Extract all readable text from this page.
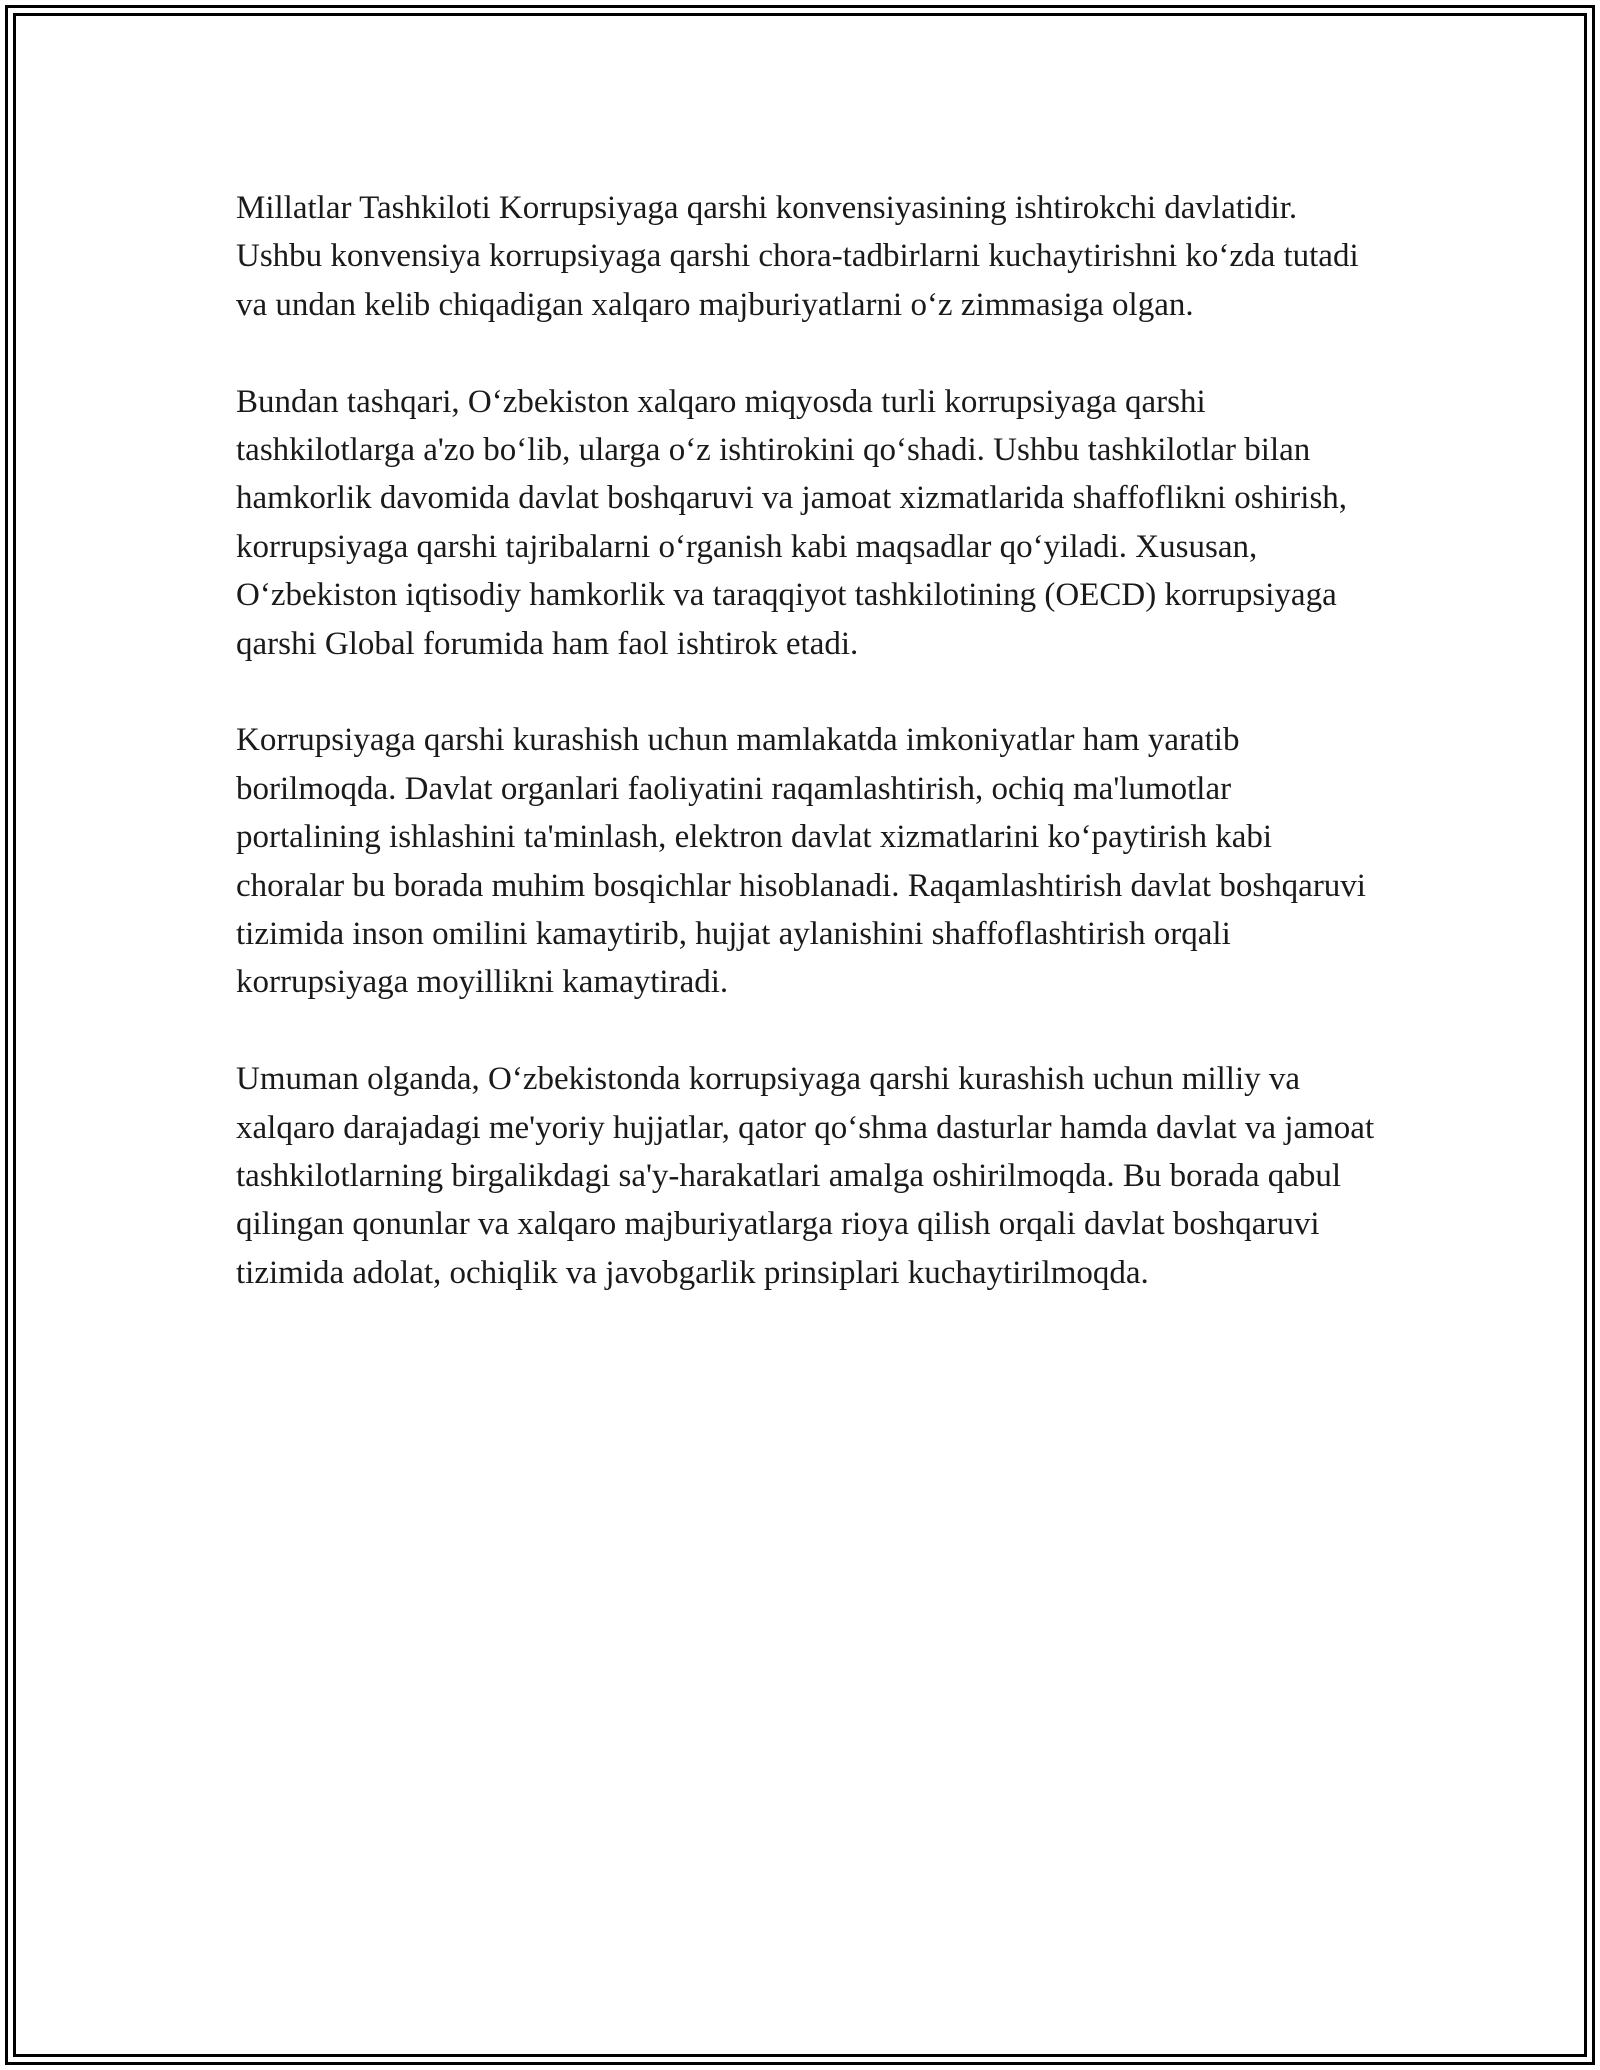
Millatlar Tashkiloti Korrupsiyaga qarshi konvensiyasining ishtirokchi davlatidir. Ushbu konvensiya korrupsiyaga qarshi chora-tadbirlarni kuchaytirishni ko‘zda tutadi va undan kelib chiqadigan xalqaro majburiyatlarni o‘z zimmasiga olgan.

Bundan tashqari, O‘zbekiston xalqaro miqyosda turli korrupsiyaga qarshi tashkilotlarga a'zo bo‘lib, ularga o‘z ishtirokini qo‘shadi. Ushbu tashkilotlar bilan hamkorlik davomida davlat boshqaruvi va jamoat xizmatlarida shaffoflikni oshirish, korrupsiyaga qarshi tajribalarni o‘rganish kabi maqsadlar qo‘yiladi. Xususan, O‘zbekiston iqtisodiy hamkorlik va taraqqiyot tashkilotining (OECD) korrupsiyaga qarshi Global forumida ham faol ishtirok etadi.

Korrupsiyaga qarshi kurashish uchun mamlakatda imkoniyatlar ham yaratib borilmoqda. Davlat organlari faoliyatini raqamlashtirish, ochiq ma'lumotlar portalining ishlashini ta'minlash, elektron davlat xizmatlarini ko‘paytirish kabi choralar bu borada muhim bosqichlar hisoblanadi. Raqamlashtirish davlat boshqaruvi tizimida inson omilini kamaytirib, hujjat aylanishini shaffoflashtirish orqali korrupsiyaga moyillikni kamaytiradi.

Umuman olganda, O‘zbekistonda korrupsiyaga qarshi kurashish uchun milliy va xalqaro darajadagi me'yoriy hujjatlar, qator qo‘shma dasturlar hamda davlat va jamoat tashkilotlarning birgalikdagi sa'y-harakatlari amalga oshirilmoqda. Bu borada qabul qilingan qonunlar va xalqaro majburiyatlarga rioya qilish orqali davlat boshqaruvi tizimida adolat, ochiqlik va javobgarlik prinsiplari kuchaytirilmoqda.
